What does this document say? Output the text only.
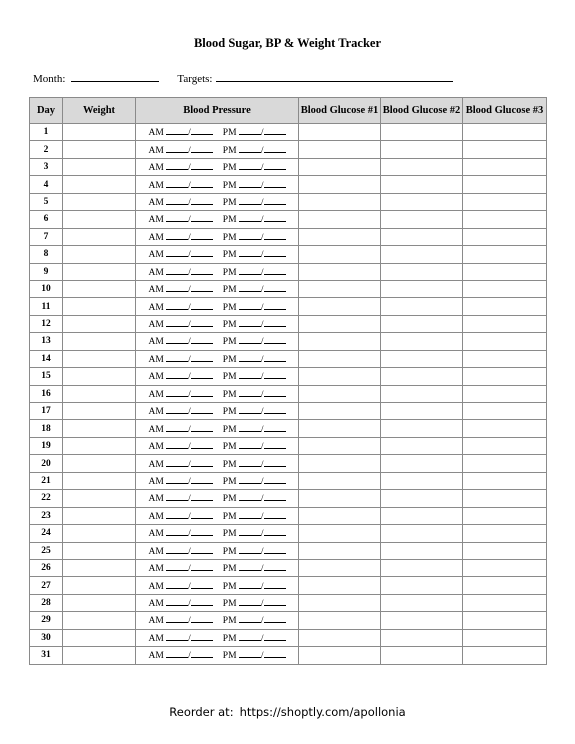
Blood Sugar, BP & Weight Tracker
Month:	Targets:
Day	Weight	Blood Pressure	Blood Glucose #1	Blood Glucose #2	Blood Glucose #3
1		AM / PM /			
2		AM / PM /			
3		AM / PM /			
4		AM / PM /			
5		AM / PM /			
6		AM / PM /			
7		AM / PM /			
8		AM / PM /			
9		AM / PM /			
10		AM / PM /			
11		AM / PM /			
12		AM / PM /			
13		AM / PM /			
14		AM / PM /			
15		AM / PM /			
16		AM / PM /			
17		AM / PM /			
18		AM / PM /			
19		AM / PM /			
20		AM / PM /			
21		AM / PM /			
22		AM / PM /			
23		AM / PM /			
24		AM / PM /			
25		AM / PM /			
26		AM / PM /			
27		AM / PM /			
28		AM / PM /			
29		AM / PM /			
30		AM / PM /			
31		AM / PM /			
Reorder at: https://shoptly.com/apollonia
